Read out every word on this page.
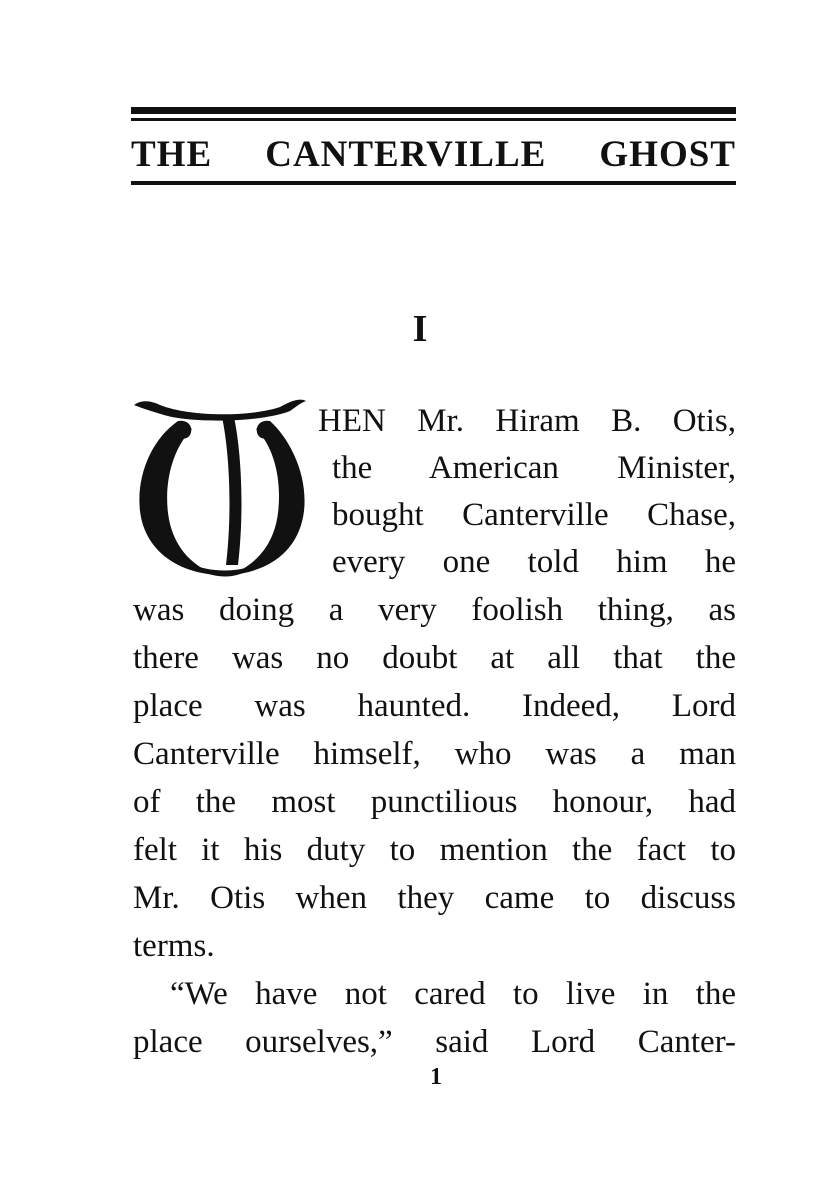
THE CANTERVILLE GHOST
I
HEN Mr. Hiram B. Otis,
the American Minister,
bought Canterville Chase,
every one told him he
was doing a very foolish thing, as
there was no doubt at all that the
place was haunted. Indeed, Lord
Canterville himself, who was a man
of the most punctilious honour, had
felt it his duty to mention the fact to
Mr. Otis when they came to discuss
terms.
“We have not cared to live in the
place ourselves,” said Lord Canter-
1
